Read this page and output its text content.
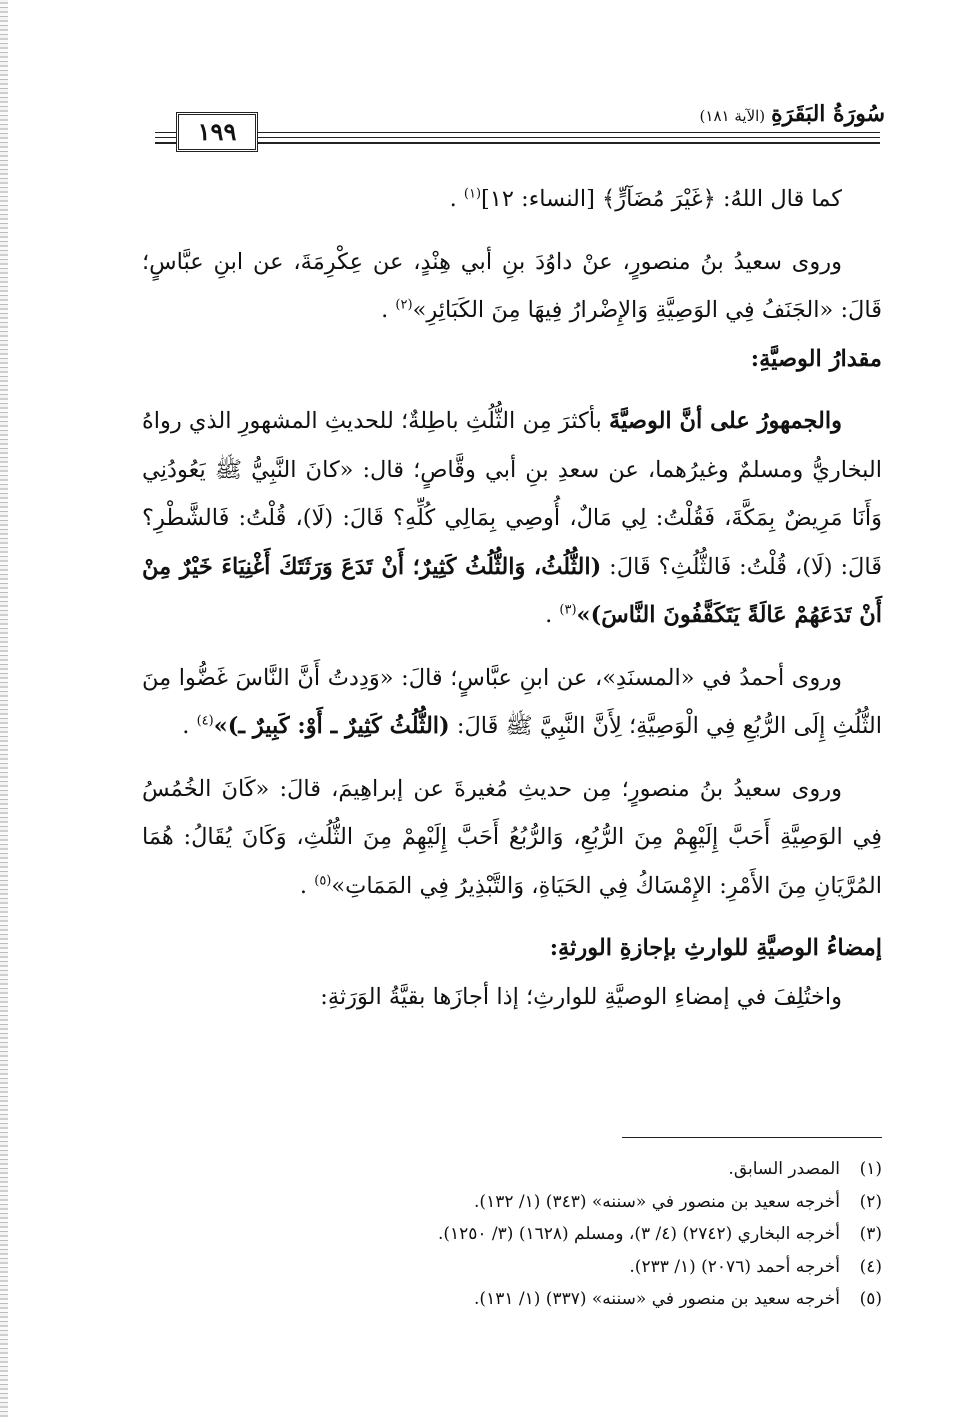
سُورَةُ البَقَرَةِ(الآية ١٨١)
١٩٩

كما قال اللهُ: ﴿غَيْرَ مُضَآرٍّ﴾ [النساء: ١٢]$^{(١)}$ .

وروى سعيدُ بنُ منصورٍ، عنْ داوُدَ بنِ أبي هِنْدٍ، عن عِكْرِمَةَ، عن ابنِ عبَّاسٍ؛ قَالَ: «الجَنَفُ فِي الوَصِيَّةِ وَالإِضْرارُ فِيهَا مِنَ الكَبَائِرِ»$^{(٢)}$ .

مقدارُ الوصيَّةِ:

والجمهورُ على أنَّ الوصيَّةَ بأكثرَ مِن الثُّلُثِ باطِلةٌ؛ للحديثِ المشهورِ الذي رواهُ البخاريُّ ومسلمٌ وغيرُهما، عن سعدِ بنِ أبي وقَّاصٍ؛ قال: «كانَ النَّبِيُّ ﷺ يَعُودُنِي وَأَنَا مَرِيضٌ بِمَكَّةَ، فَقُلْتُ: لِي مَالٌ، أُوصِي بِمَالِي كُلِّهِ؟ قَالَ: (لَا)، قُلْتُ: فَالشَّطْرِ؟ قَالَ: (لَا)، قُلْتُ: فَالثُّلُثِ؟ قَالَ: (الثُّلُثُ، وَالثُّلُثُ كَثِيرٌ؛ أَنْ تَدَعَ وَرَثَتَكَ أَغْنِيَاءَ خَيْرٌ مِنْ أَنْ تَدَعَهُمْ عَالَةً يَتَكَفَّفُونَ النَّاسَ)»$^{(٣)}$ .

وروى أحمدُ في «المسنَدِ»، عن ابنِ عبَّاسٍ؛ قالَ: «وَدِدتُ أَنَّ النَّاسَ غَضُّوا مِنَ الثُّلُثِ إِلَى الرُّبُعِ فِي الْوَصِيَّةِ؛ لِأَنَّ النَّبِيَّ ﷺ قَالَ: (الثُّلُثُ كَثِيرٌ ـ أَوْ: كَبِيرٌ ـ)»$^{(٤)}$ .

وروى سعيدُ بنُ منصورٍ؛ مِن حديثِ مُغيرةَ عن إبراهِيمَ، قالَ: «كَانَ الخُمُسُ فِي الوَصِيَّةِ أَحَبَّ إِلَيْهِمْ مِنَ الرُّبُعِ، وَالرُّبُعُ أَحَبَّ إِلَيْهِمْ مِنَ الثُّلُثِ، وَكَانَ يُقَالُ: هُمَا المُرَّيَانِ مِنَ الأَمْرِ: الإِمْسَاكُ فِي الحَيَاةِ، وَالتَّبْذِيرُ فِي المَمَاتِ»$^{(٥)}$ .

إمضاءُ الوصيَّةِ للوارثِ بإجازةِ الورثةِ:

واختُلِفَ في إمضاءِ الوصيَّةِ للوارثِ؛ إذا أجازَها بقيَّةُ الوَرَثةِ:

(١)المصدر السابق.
(٢)أخرجه سعيد بن منصور في «سننه» (٣٤٣) (١/ ١٣٢).
(٣)أخرجه البخاري (٢٧٤٢) (٤/ ٣)، ومسلم (١٦٢٨) (٣/ ١٢٥٠).
(٤)أخرجه أحمد (٢٠٧٦) (١/ ٢٣٣).
(٥)أخرجه سعيد بن منصور في «سننه» (٣٣٧) (١/ ١٣١).
